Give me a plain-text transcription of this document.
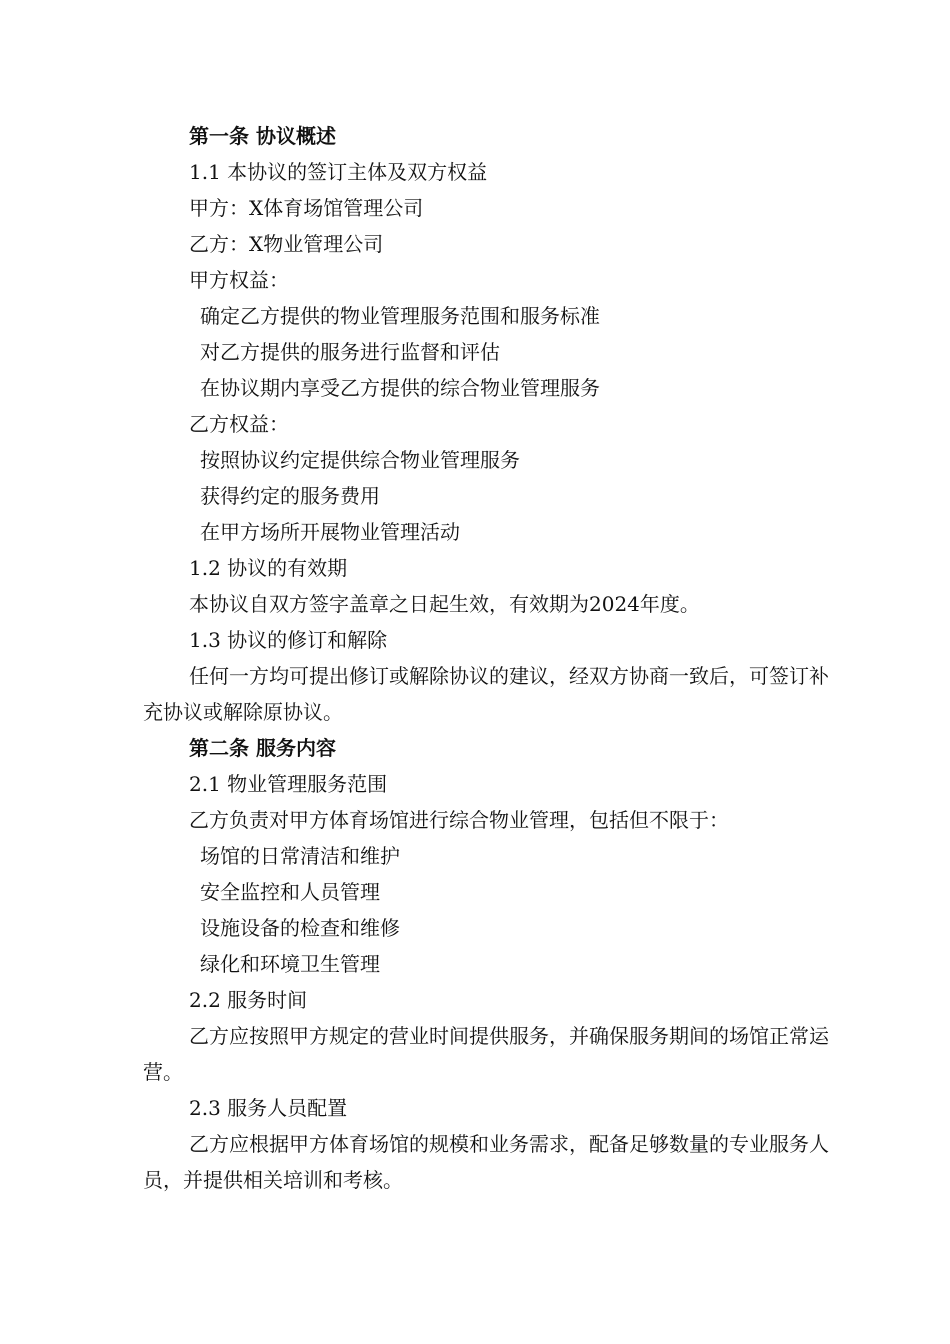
第一条 协议概述
1.1 本协议的签订主体及双方权益
甲方：X体育场馆管理公司
乙方：X物业管理公司
甲方权益：
确定乙方提供的物业管理服务范围和服务标准
对乙方提供的服务进行监督和评估
在协议期内享受乙方提供的综合物业管理服务
乙方权益：
按照协议约定提供综合物业管理服务
获得约定的服务费用
在甲方场所开展物业管理活动
1.2 协议的有效期
本协议自双方签字盖章之日起生效，有效期为2024年度。
1.3 协议的修订和解除
任何一方均可提出修订或解除协议的建议，经双方协商一致后，可签订补充协议或解除原协议。
第二条 服务内容
2.1 物业管理服务范围
乙方负责对甲方体育场馆进行综合物业管理，包括但不限于：
场馆的日常清洁和维护
安全监控和人员管理
设施设备的检查和维修
绿化和环境卫生管理
2.2 服务时间
乙方应按照甲方规定的营业时间提供服务，并确保服务期间的场馆正常运营。
2.3 服务人员配置
乙方应根据甲方体育场馆的规模和业务需求，配备足够数量的专业服务人员，并提供相关培训和考核。
